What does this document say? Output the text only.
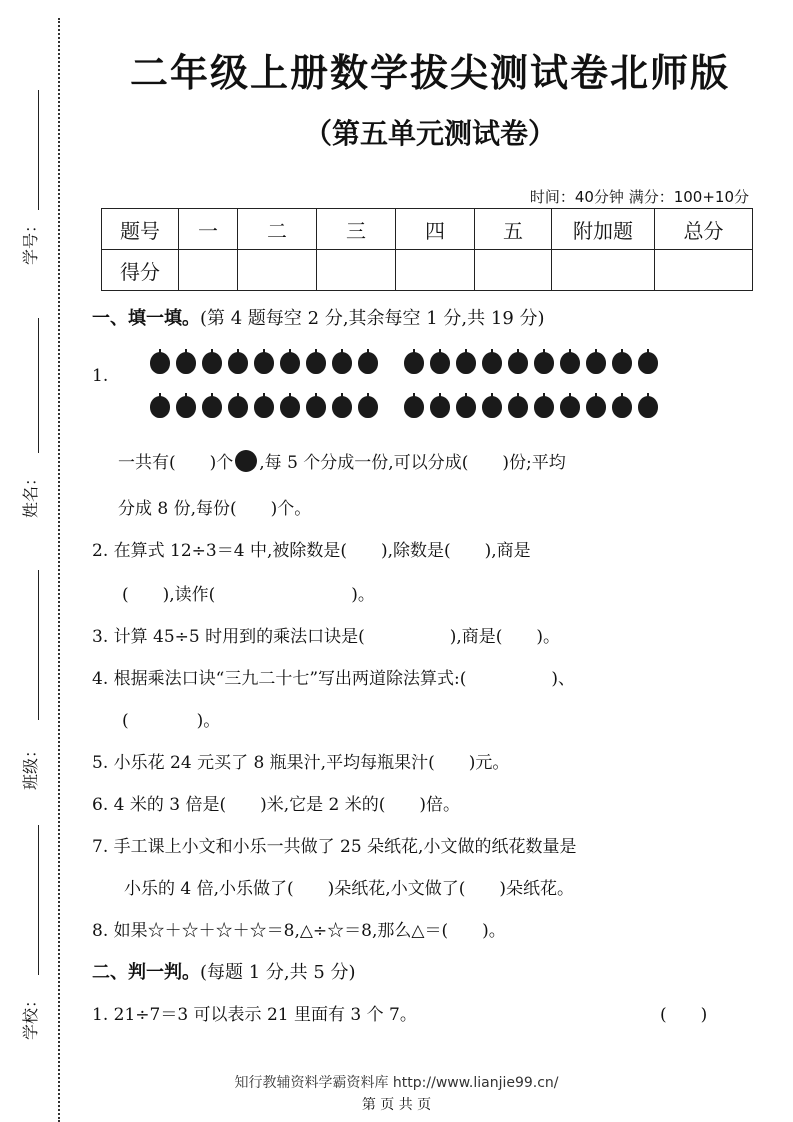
学号：
姓名：
班级：
学校：
二年级上册数学拔尖测试卷北师版
（第五单元测试卷）
时间：40分钟 满分：100+10分
题号	一	二	三	四	五	附加题	总分
得分							
一、填一填。(第 4 题每空 2 分,其余每空 1 分,共 19 分)
1.
一共有(　　)个 ,每 5 个分成一份,可以分成(　　)份;平均
分成 8 份,每份(　　)个。
2. 在算式 12÷3＝4 中,被除数是(　　),除数是(　　),商是
(　　),读作(　　　　　　　　)。
3. 计算 45÷5 时用到的乘法口诀是(　　　　　),商是(　　)。
4. 根据乘法口诀“三九二十七”写出两道除法算式:(　　　　　)、
(　　　　)。
5. 小乐花 24 元买了 8 瓶果汁,平均每瓶果汁(　　)元。
6. 4 米的 3 倍是(　　)米,它是 2 米的(　　)倍。
7. 手工课上小文和小乐一共做了 25 朵纸花,小文做的纸花数量是
小乐的 4 倍,小乐做了(　　)朵纸花,小文做了(　　)朵纸花。
8. 如果☆＋☆＋☆＋☆＝8,△÷☆＝8,那么△＝(　　)。
二、判一判。(每题 1 分,共 5 分)
1. 21÷7＝3 可以表示 21 里面有 3 个 7。	(　　)
知行教辅资料学霸资料库 http://www.lianjie99.cn/
第 页 共 页
